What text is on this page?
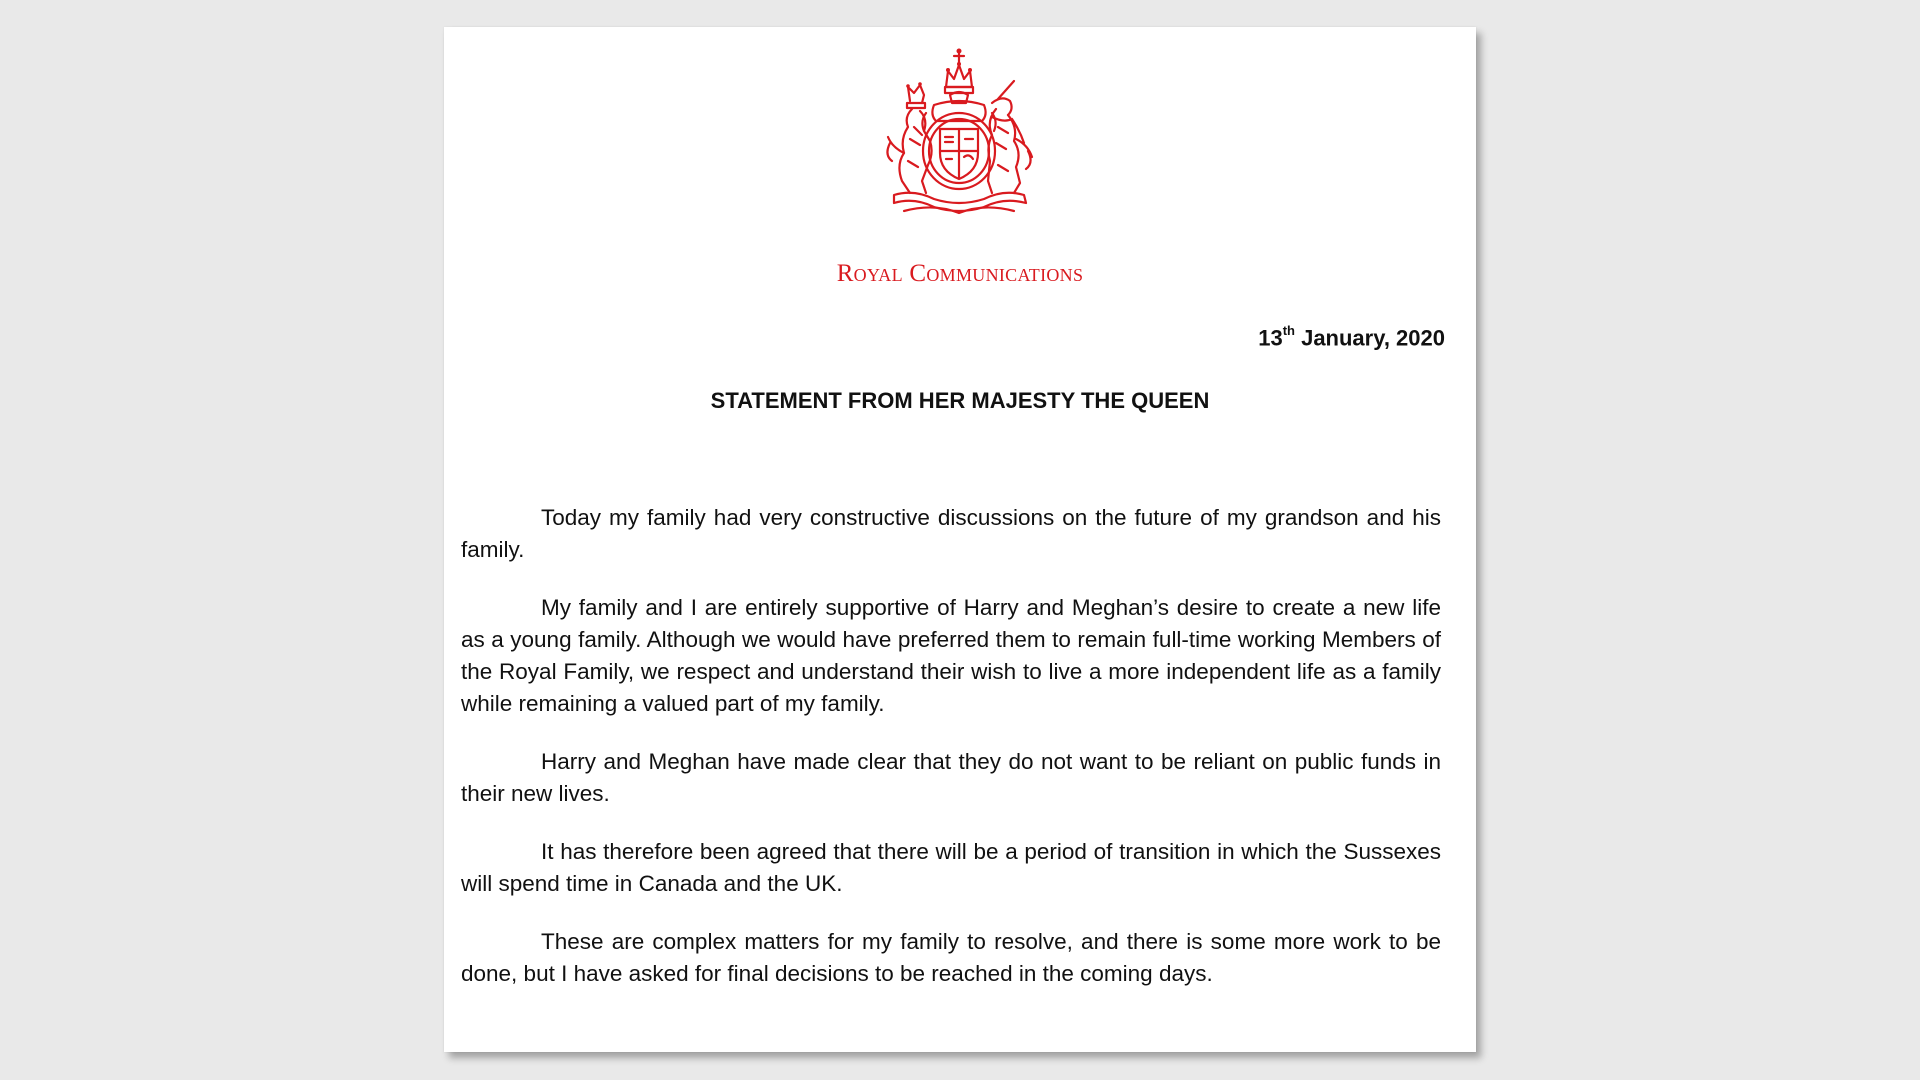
Royal Communications
13th January, 2020
STATEMENT FROM HER MAJESTY THE QUEEN

Today my family had very constructive discussions on the future of my grandson and his family.

My family and I are entirely supportive of Harry and Meghan’s desire to create a new life as a young family. Although we would have preferred them to remain full-time working Members of the Royal Family, we respect and understand their wish to live a more independent life as a family while remaining a valued part of my family.

Harry and Meghan have made clear that they do not want to be reliant on public funds in their new lives.

It has therefore been agreed that there will be a period of transition in which the Sussexes will spend time in Canada and the UK.

These are complex matters for my family to resolve, and there is some more work to be done, but I have asked for final decisions to be reached in the coming days.
